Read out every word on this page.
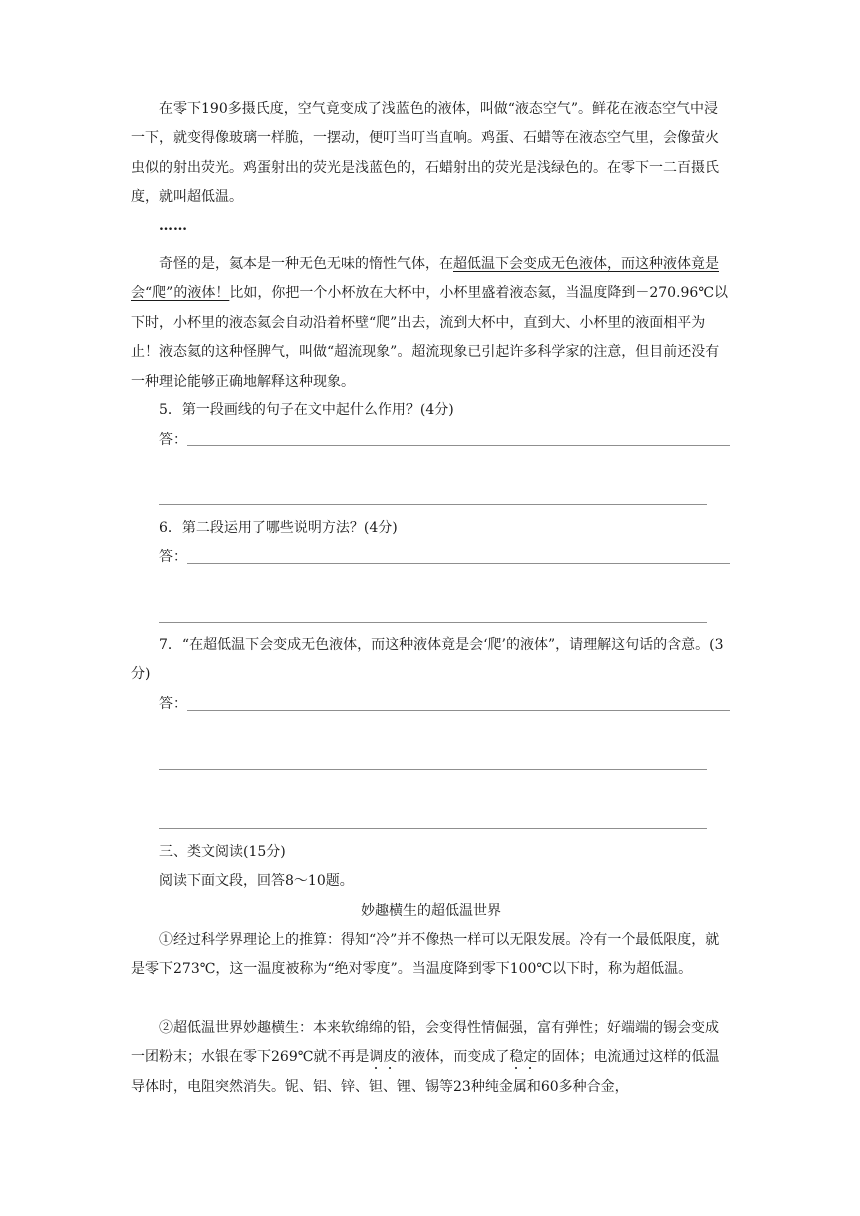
在零下190多摄氏度，空气竟变成了浅蓝色的液体，叫做“液态空气”。鲜花在液态空气中浸一下，就变得像玻璃一样脆，一摆动，便叮当叮当直响。鸡蛋、石蜡等在液态空气里，会像萤火虫似的射出荧光。鸡蛋射出的荧光是浅蓝色的，石蜡射出的荧光是浅绿色的。在零下一二百摄氏度，就叫超低温。

……

奇怪的是，氦本是一种无色无味的惰性气体，在超低温下会变成无色液体，而这种液体竟是会“爬”的液体！比如，你把一个小杯放在大杯中，小杯里盛着液态氦，当温度降到－270.96℃以下时，小杯里的液态氦会自动沿着杯壁“爬”出去，流到大杯中，直到大、小杯里的液面相平为止！液态氦的这种怪脾气，叫做“超流现象”。超流现象已引起许多科学家的注意，但目前还没有一种理论能够正确地解释这种现象。

5．第一段画线的句子在文中起什么作用？(4分)
答：
6．第二段运用了哪些说明方法？(4分)
答：

7．“在超低温下会变成无色液体，而这种液体竟是会‘爬’的液体”，请理解这句话的含意。(3分)

答：
三、类文阅读(15分)
阅读下面文段，回答8～10题。
妙趣横生的超低温世界

①经过科学界理论上的推算：得知“冷”并不像热一样可以无限发展。冷有一个最低限度，就是零下273℃，这一温度被称为“绝对零度”。当温度降到零下100℃以下时，称为超低温。

②超低温世界妙趣横生：本来软绵绵的铅，会变得性情倔强，富有弹性；好端端的锡会变成一团粉末；水银在零下269℃就不再是调皮的液体，而变成了稳定的固体；电流通过这样的低温导体时，电阻突然消失。铌、铝、锌、钽、锂、锡等23种纯金属和60多种合金，
